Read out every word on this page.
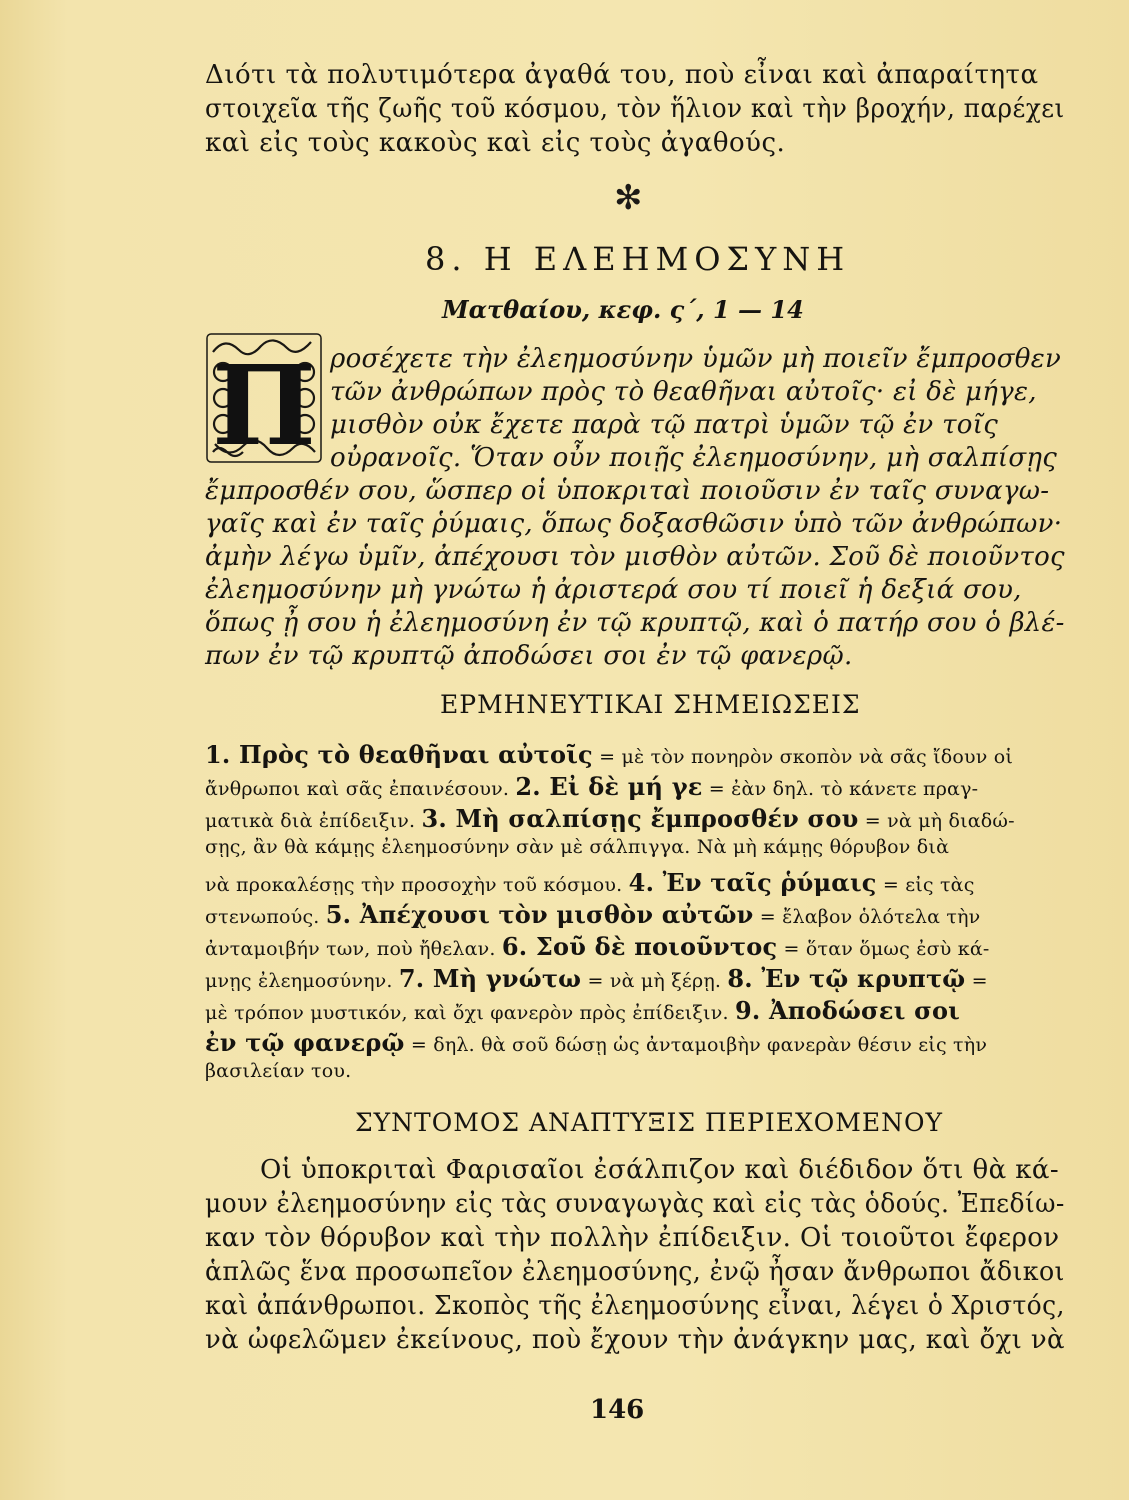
Διότι τὰ πολυτιμότερα ἀγαθά του, ποὺ εἶναι καὶ ἀπαραίτητα
στοιχεῖα τῆς ζωῆς τοῦ κόσμου, τὸν ἥλιον καὶ τὴν βροχήν, παρέχει
καὶ εἰς τοὺς κακοὺς καὶ εἰς τοὺς ἀγαθούς.
✻
8. Η ΕΛΕΗΜΟΣΥΝΗ
Ματθαίου, κεφ. ς΄, 1 — 14
Π ροσέχετε τὴν ἐλεημοσύνην ὑμῶν μὴ ποιεῖν ἔμπροσθεν
τῶν ἀνθρώπων πρὸς τὸ θεαθῆναι αὐτοῖς· εἰ δὲ μήγε,
μισθὸν οὐκ ἔχετε παρὰ τῷ πατρὶ ὑμῶν τῷ ἐν τοῖς
οὐρανοῖς. Ὅταν οὖν ποιῇς ἐλεημοσύνην, μὴ σαλπίσῃς
ἔμπροσθέν σου, ὥσπερ οἱ ὑποκριταὶ ποιοῦσιν ἐν ταῖς συναγω-
γαῖς καὶ ἐν ταῖς ῥύμαις, ὅπως δοξασθῶσιν ὑπὸ τῶν ἀνθρώπων·
ἀμὴν λέγω ὑμῖν, ἀπέχουσι τὸν μισθὸν αὐτῶν. Σοῦ δὲ ποιοῦντος
ἐλεημοσύνην μὴ γνώτω ἡ ἀριστερά σου τί ποιεῖ ἡ δεξιά σου,
ὅπως ᾖ σου ἡ ἐλεημοσύνη ἐν τῷ κρυπτῷ, καὶ ὁ πατήρ σου ὁ βλέ-
πων ἐν τῷ κρυπτῷ ἀποδώσει σοι ἐν τῷ φανερῷ.
ΕΡΜΗΝΕΥΤΙΚΑΙ ΣΗΜΕΙΩΣΕΙΣ
1. Πρὸς τὸ θεαθῆναι αὐτοῖς = μὲ τὸν πονηρὸν σκοπὸν νὰ σᾶς ἴδουν οἱ
ἄνθρωποι καὶ σᾶς ἐπαινέσουν. 2. Εἰ δὲ μή γε = ἐὰν δηλ. τὸ κάνετε πραγ-
ματικὰ διὰ ἐπίδειξιν. 3. Μὴ σαλπίσῃς ἔμπροσθέν σου = νὰ μὴ διαδώ-
σῃς, ἂν θὰ κάμῃς ἐλεημοσύνην σὰν μὲ σάλπιγγα. Νὰ μὴ κάμῃς θόρυβον διὰ
νὰ προκαλέσῃς τὴν προσοχὴν τοῦ κόσμου. 4. Ἐν ταῖς ῥύμαις = εἰς τὰς
στενωπούς. 5. Ἀπέχουσι τὸν μισθὸν αὐτῶν = ἔλαβον ὁλότελα τὴν
ἀνταμοιβήν των, ποὺ ἤθελαν. 6. Σοῦ δὲ ποιοῦντος = ὅταν ὅμως ἐσὺ κά-
μνῃς ἐλεημοσύνην. 7. Μὴ γνώτω = νὰ μὴ ξέρῃ. 8. Ἐν τῷ κρυπτῷ =
μὲ τρόπον μυστικόν, καὶ ὄχι φανερὸν πρὸς ἐπίδειξιν. 9. Ἀποδώσει σοι
ἐν τῷ φανερῷ = δηλ. θὰ σοῦ δώσῃ ὡς ἀνταμοιβὴν φανερὰν θέσιν εἰς τὴν
βασιλείαν του.
ΣΥΝΤΟΜΟΣ ΑΝΑΠΤΥΞΙΣ ΠΕΡΙΕΧΟΜΕΝΟΥ
Οἱ ὑποκριταὶ Φαρισαῖοι ἐσάλπιζον καὶ διέδιδον ὅτι θὰ κά-
μουν ἐλεημοσύνην εἰς τὰς συναγωγὰς καὶ εἰς τὰς ὁδούς. Ἐπεδίω-
καν τὸν θόρυβον καὶ τὴν πολλὴν ἐπίδειξιν. Οἱ τοιοῦτοι ἔφερον
ἁπλῶς ἕνα προσωπεῖον ἐλεημοσύνης, ἐνῷ ἦσαν ἄνθρωποι ἄδικοι
καὶ ἀπάνθρωποι. Σκοπὸς τῆς ἐλεημοσύνης εἶναι, λέγει ὁ Χριστός,
νὰ ὠφελῶμεν ἐκείνους, ποὺ ἔχουν τὴν ἀνάγκην μας, καὶ ὄχι νὰ
146
